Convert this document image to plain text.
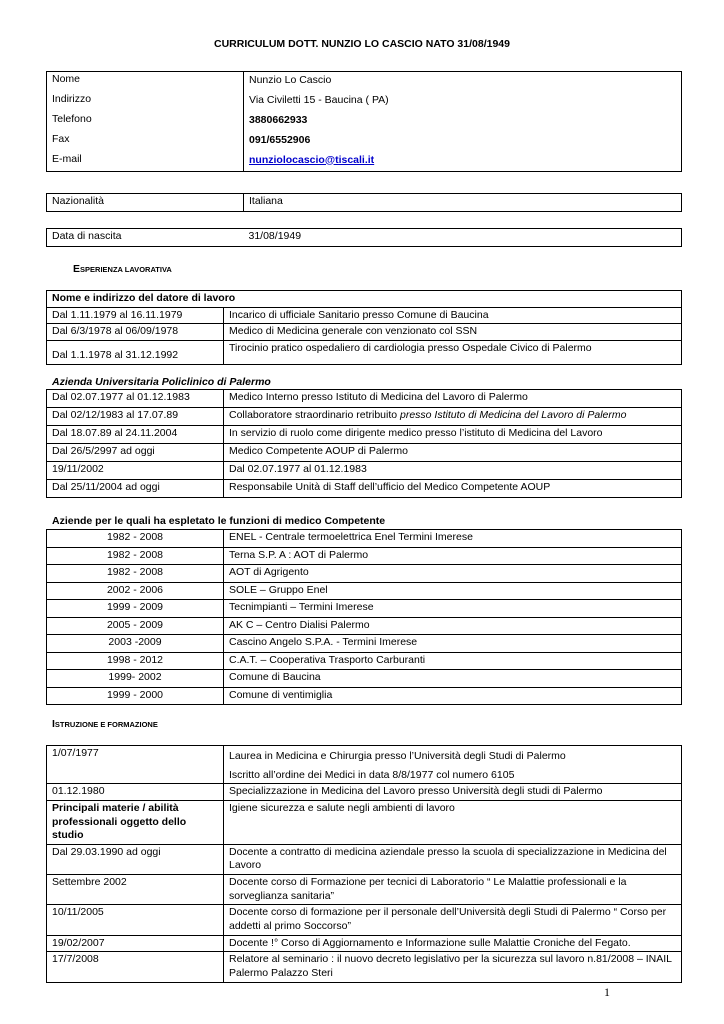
CURRICULUM DOTT. NUNZIO LO CASCIO NATO 31/08/1949
Nome	Nunzio Lo Cascio
Indirizzo	Via Civiletti 15 - Baucina ( PA)
Telefono	3880662933
Fax	091/6552906
E-mail	nunziolocascio@tiscali.it
Nazionalità	Italiana
Data di nascita	31/08/1949
ESPERIENZA LAVORATIVA
Nome e indirizzo del datore di lavoro	
Dal 1.11.1979 al 16.11.1979	Incarico di ufficiale Sanitario presso Comune di Baucina
Dal 6/3/1978 al 06/09/1978	Medico di Medicina generale con venzionato col SSN
Dal 1.1.1978 al 31.12.1992	Tirocinio pratico ospedaliero di cardiologia presso Ospedale Civico di Palermo
Azienda Universitaria Policlinico di Palermo
Dal 02.07.1977 al 01.12.1983	Medico Interno presso Istituto di Medicina del Lavoro di Palermo
Dal 02/12/1983 al 17.07.89	Collaboratore straordinario retribuito presso Istituto di Medicina del Lavoro di Palermo
Dal 18.07.89 al 24.11.2004	In servizio di ruolo come dirigente medico presso l’istituto di Medicina del Lavoro
Dal 26/5/2997 ad oggi	Medico Competente AOUP di Palermo
19/11/2002	Dal 02.07.1977 al 01.12.1983
Dal 25/11/2004 ad oggi	Responsabile Unità di Staff dell’ufficio del Medico Competente AOUP
Aziende per le quali ha espletato le funzioni di medico Competente
1982 - 2008	ENEL - Centrale termoelettrica Enel Termini Imerese
1982 - 2008	Terna S.P. A : AOT di Palermo
1982 - 2008	AOT di Agrigento
2002 - 2006	SOLE – Gruppo Enel
1999 - 2009	Tecnimpianti – Termini Imerese
2005 - 2009	AK C – Centro Dialisi Palermo
2003 -2009	Cascino Angelo S.P.A. - Termini Imerese
1998 - 2012	C.A.T. – Cooperativa Trasporto Carburanti
1999- 2002	Comune di Baucina
1999 - 2000	Comune di ventimiglia
ISTRUZIONE E FORMAZIONE
1/07/1977	Laurea in Medicina e Chirurgia presso l’Università degli Studi di Palermo
Iscritto all’ordine dei Medici in data 8/8/1977 col numero 6105

01.12.1980	Specializzazione in Medicina del Lavoro presso Università degli studi di Palermo

Principali materie / abilità professionali oggetto dello studio	Igiene sicurezza e salute negli ambienti di lavoro

Dal 29.03.1990 ad oggi	Docente a contratto di medicina aziendale presso la scuola di specializzazione in Medicina del Lavoro

Settembre 2002	Docente corso di Formazione per tecnici di Laboratorio “ Le Malattie professionali e la sorveglianza sanitaria”

10/11/2005	Docente corso di formazione per il personale dell’Università degli Studi di Palermo “ Corso per addetti al primo Soccorso”

19/02/2007	Docente !° Corso di Aggiornamento e Informazione sulle Malattie Croniche del Fegato.

17/7/2008	Relatore al seminario : il nuovo decreto legislativo per la sicurezza sul lavoro n.81/2008 – INAIL Palermo Palazzo Steri
1
